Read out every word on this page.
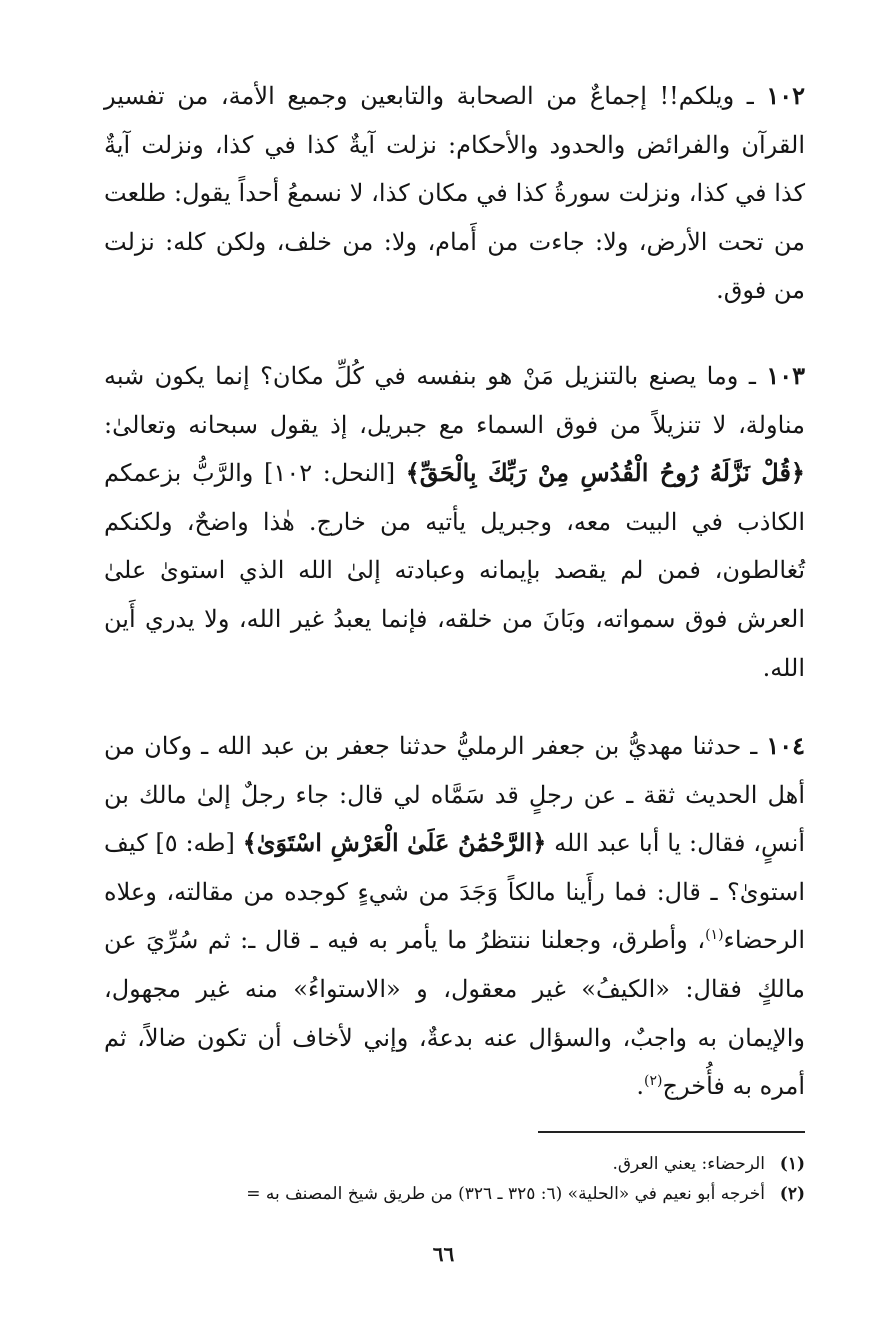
١٠٢ ـ ويلكم!! إجماعٌ من الصحابة والتابعين وجميع الأمة، من تفسير القرآن والفرائض والحدود والأحكام: نزلت آيةٌ كذا في كذا، ونزلت آيةٌ كذا في كذا، ونزلت سورةُ كذا في مكان كذا، لا نسمعُ أحداً يقول: طلعت من تحت الأرض، ولا: جاءت من أَمام، ولا: من خلف، ولكن كله: نزلت من فوق.

١٠٣ ـ وما يصنع بالتنزيل مَنْ هو بنفسه في كُلِّ مكان؟ إنما يكون شبه مناولة، لا تنزيلاً من فوق السماء مع جبريل، إذ يقول سبحانه وتعالىٰ: ﴿قُلْ نَزَّلَهُ رُوحُ الْقُدُسِ مِنْ رَبِّكَ بِالْحَقِّ﴾ [النحل: ١٠٢] والرَّبُّ بزعمكم الكاذب في البيت معه، وجبريل يأتيه من خارج. هٰذا واضحٌ، ولكنكم تُغالطون، فمن لم يقصد بإيمانه وعبادته إلىٰ الله الذي استوىٰ علىٰ العرش فوق سمواته، وبَانَ من خلقه، فإنما يعبدُ غير الله، ولا يدري أَين الله.

١٠٤ ـ حدثنا مهديُّ بن جعفر الرمليُّ حدثنا جعفر بن عبد الله ـ وكان من أهل الحديث ثقة ـ عن رجلٍ قد سَمَّاه لي قال: جاء رجلٌ إلىٰ مالك بن أنسٍ، فقال: يا أبا عبد الله ﴿الرَّحْمَٰنُ عَلَىٰ الْعَرْشِ اسْتَوَىٰ﴾ [طه: ٥] كيف استوىٰ؟ ـ قال: فما رأَينا مالكاً وَجَدَ من شيءٍ كوجده من مقالته، وعلاه الرحضاء$^{(١)}$، وأطرق، وجعلنا ننتظرُ ما يأمر به فيه ـ قال ـ: ثم سُرِّيَ عن مالكٍ فقال: «الكيفُ» غير معقول، و «الاستواءُ» منه غير مجهول، والإيمان به واجبٌ، والسؤال عنه بدعةٌ، وإني لأخاف أن تكون ضالاً، ثم أمره به فأُخرج$^{(٢)}$.

(١)
الرحضاء: يعني العرق.
(٢)
أخرجه أبو نعيم في «الحلية» (٦: ٣٢٥ ـ ٣٢٦) من طريق شيخ المصنف به =
٦٦
